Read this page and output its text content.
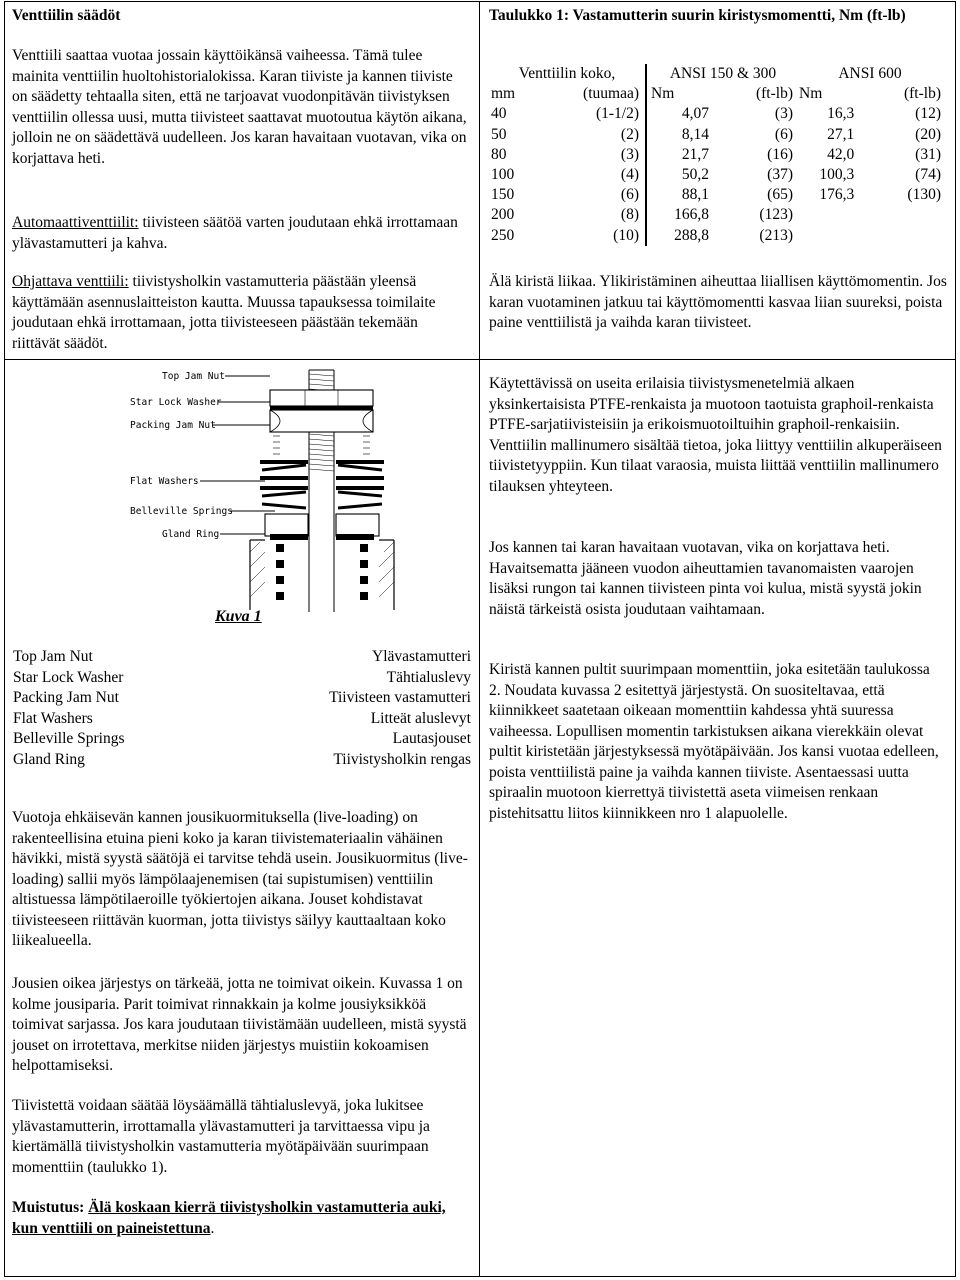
Venttiilin säädöt

Venttiili saattaa vuotaa jossain käyttöikänsä vaiheessa. Tämä tulee mainita venttiilin huoltohistorialokissa. Karan tiiviste ja kannen tiiviste on säädetty tehtaalla siten, että ne tarjoavat vuodonpitävän tiivistyksen venttiilin ollessa uusi, mutta tiivisteet saattavat muotoutua käytön aikana, jolloin ne on säädettävä uudelleen. Jos karan havaitaan vuotavan, vika on korjattava heti.

Automaattiventtiilit: tiivisteen säätöä varten joudutaan ehkä irrottamaan ylävastamutteri ja kahva.

Ohjattava venttiili: tiivistysholkin vastamutteria päästään yleensä käyttämään asennuslaitteiston kautta. Muussa tapauksessa toimilaite joudutaan ehkä irrottamaan, jotta tiivisteeseen päästään tekemään riittävät säädöt.

Top Jam Nut
Star Lock Washer
Packing Jam Nut
Flat Washers
Belleville Springs
Gland Ring
Kuva 1
Top Jam Nut	Ylävastamutteri
Star Lock Washer	Tähtialuslevy
Packing Jam Nut	Tiivisteen vastamutteri
Flat Washers	Litteät aluslevyt
Belleville Springs	Lautasjouset
Gland Ring	Tiivistysholkin rengas

Vuotoja ehkäisevän kannen jousikuormituksella (live-loading) on rakenteellisina etuina pieni koko ja karan tiivistemateriaalin vähäinen hävikki, mistä syystä säätöjä ei tarvitse tehdä usein. Jousikuormitus (live-loading) sallii myös lämpölaajenemisen (tai supistumisen) venttiilin altistuessa lämpötilaeroille työkiertojen aikana. Jouset kohdistavat tiivisteeseen riittävän kuorman, jotta tiivistys säilyy kauttaaltaan koko liikealueella.

Jousien oikea järjestys on tärkeää, jotta ne toimivat oikein. Kuvassa 1 on kolme jousiparia. Parit toimivat rinnakkain ja kolme jousiyksikköä toimivat sarjassa. Jos kara joudutaan tiivistämään uudelleen, mistä syystä jouset on irrotettava, merkitse niiden järjestys muistiin kokoamisen helpottamiseksi.

Tiivistettä voidaan säätää löysäämällä tähtialuslevyä, joka lukitsee ylävastamutterin, irrottamalla ylävastamutteri ja tarvittaessa vipu ja kiertämällä tiivistysholkin vastamutteria myötäpäivään suurimpaan momenttiin (taulukko 1).

Muistutus: Älä koskaan kierrä tiivistysholkin vastamutteria auki, kun venttiili on paineistettuna.

Taulukko 1: Vastamutterin suurin kiristysmomentti, Nm (ft-lb)

Venttiilin koko,		ANSI 150 & 300		ANSI 600	
mm	(tuumaa)	Nm	(ft-lb)	Nm	(ft-lb)
40	(1-1/2)	4,07	(3)	16,3	(12)
50	(2)	8,14	(6)	27,1	(20)
80	(3)	21,7	(16)	42,0	(31)
100	(4)	50,2	(37)	100,3	(74)
150	(6)	88,1	(65)	176,3	(130)
200	(8)	166,8	(123)		
250	(10)	288,8	(213)		

Älä kiristä liikaa. Ylikiristäminen aiheuttaa liiallisen käyttömomentin. Jos karan vuotaminen jatkuu tai käyttömomentti kasvaa liian suureksi, poista paine venttiilistä ja vaihda karan tiivisteet.

Käytettävissä on useita erilaisia tiivistysmenetelmiä alkaen yksinkertaisista PTFE-renkaista ja muotoon taotuista graphoil-renkaista PTFE-sarjatiivisteisiin ja erikoismuotoiltuihin graphoil-renkaisiin. Venttiilin mallinumero sisältää tietoa, joka liittyy venttiilin alkuperäiseen tiivistetyyppiin. Kun tilaat varaosia, muista liittää venttiilin mallinumero tilauksen yhteyteen.

Jos kannen tai karan havaitaan vuotavan, vika on korjattava heti. Havaitsematta jääneen vuodon aiheuttamien tavanomaisten vaarojen lisäksi rungon tai kannen tiivisteen pinta voi kulua, mistä syystä jokin näistä tärkeistä osista joudutaan vaihtamaan.

Kiristä kannen pultit suurimpaan momenttiin, joka esitetään taulukossa 2. Noudata kuvassa 2 esitettyä järjestystä. On suositeltavaa, että kiinnikkeet saatetaan oikeaan momenttiin kahdessa yhtä suuressa vaiheessa. Lopullisen momentin tarkistuksen aikana vierekkäin olevat pultit kiristetään järjestyksessä myötäpäivään. Jos kansi vuotaa edelleen, poista venttiilistä paine ja vaihda kannen tiiviste. Asentaessasi uutta spiraalin muotoon kierrettyä tiivistettä aseta viimeisen renkaan pistehitsattu liitos kiinnikkeen nro 1 alapuolelle.
